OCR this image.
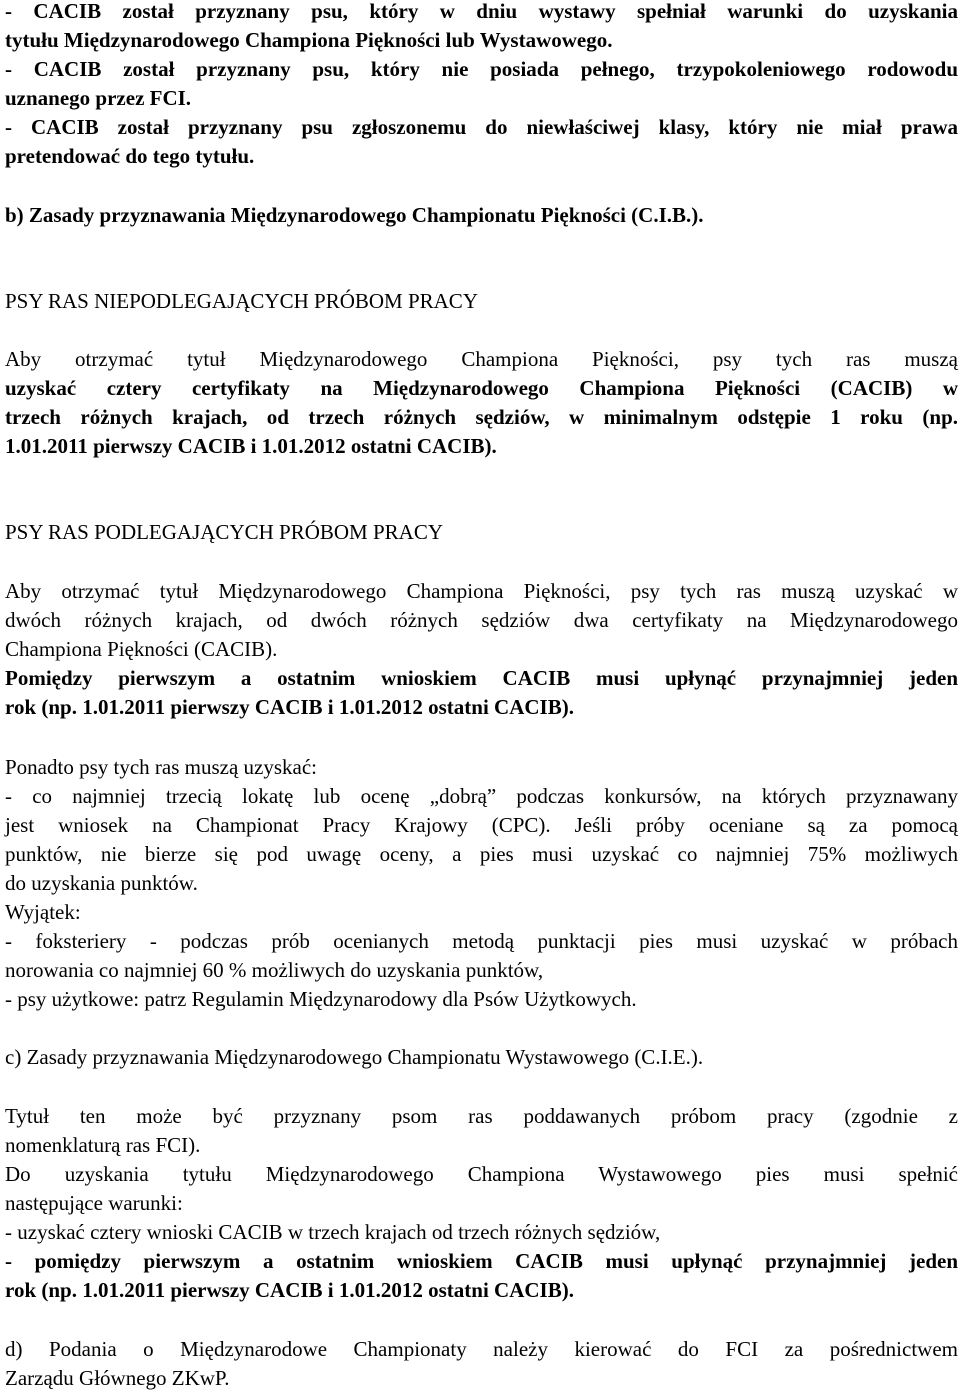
- CACIB został przyznany psu, który w dniu wystawy spełniał warunki do uzyskania
tytułu Międzynarodowego Championa Piękności lub Wystawowego.
- CACIB został przyznany psu, który nie posiada pełnego, trzypokoleniowego rodowodu
uznanego przez FCI.
- CACIB został przyznany psu zgłoszonemu do niewłaściwej klasy, który nie miał prawa
pretendować do tego tytułu.
b) Zasady przyznawania Międzynarodowego Championatu Piękności (C.I.B.).
PSY RAS NIEPODLEGAJĄCYCH PRÓBOM PRACY
Aby otrzymać tytuł Międzynarodowego Championa Piękności, psy tych ras muszą
uzyskać cztery certyfikaty na Międzynarodowego Championa Piękności (CACIB) w
trzech różnych krajach, od trzech różnych sędziów, w minimalnym odstępie 1 roku (np.
1.01.2011 pierwszy CACIB i 1.01.2012 ostatni CACIB).
PSY RAS PODLEGAJĄCYCH PRÓBOM PRACY
Aby otrzymać tytuł Międzynarodowego Championa Piękności, psy tych ras muszą uzyskać w
dwóch różnych krajach, od dwóch różnych sędziów dwa certyfikaty na Międzynarodowego
Championa Piękności (CACIB).
Pomiędzy pierwszym a ostatnim wnioskiem CACIB musi upłynąć przynajmniej jeden
rok (np. 1.01.2011 pierwszy CACIB i 1.01.2012 ostatni CACIB).
Ponadto psy tych ras muszą uzyskać:
- co najmniej trzecią lokatę lub ocenę „dobrą” podczas konkursów, na których przyznawany
jest wniosek na Championat Pracy Krajowy (CPC). Jeśli próby oceniane są za pomocą
punktów, nie bierze się pod uwagę oceny, a pies musi uzyskać co najmniej 75% możliwych
do uzyskania punktów.
Wyjątek:
- foksteriery - podczas prób ocenianych metodą punktacji pies musi uzyskać w próbach
norowania co najmniej 60 % możliwych do uzyskania punktów,
- psy użytkowe: patrz Regulamin Międzynarodowy dla Psów Użytkowych.
c) Zasady przyznawania Międzynarodowego Championatu Wystawowego (C.I.E.).
Tytuł ten może być przyznany psom ras poddawanych próbom pracy (zgodnie z
nomenklaturą ras FCI).
Do uzyskania tytułu Międzynarodowego Championa Wystawowego pies musi spełnić
następujące warunki:
- uzyskać cztery wnioski CACIB w trzech krajach od trzech różnych sędziów,
- pomiędzy pierwszym a ostatnim wnioskiem CACIB musi upłynąć przynajmniej jeden
rok (np. 1.01.2011 pierwszy CACIB i 1.01.2012 ostatni CACIB).
d) Podania o Międzynarodowe Championaty należy kierować do FCI za pośrednictwem
Zarządu Głównego ZKwP.
